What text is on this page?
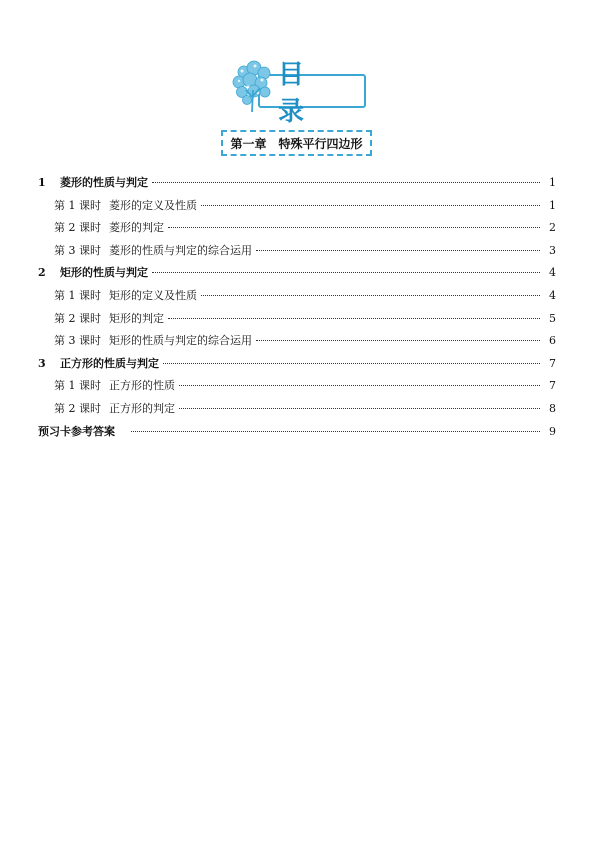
目 录
第一章 特殊平行四边形
1	菱形的性质与判定	1
第 1 课时 菱形的定义及性质	1
第 2 课时 菱形的判定	2
第 3 课时 菱形的性质与判定的综合运用	3
2	矩形的性质与判定	4
第 1 课时 矩形的定义及性质	4
第 2 课时 矩形的判定	5
第 3 课时 矩形的性质与判定的综合运用	6
3	正方形的性质与判定	7
第 1 课时 正方形的性质	7
第 2 课时 正方形的判定	8
预习卡参考答案	9
